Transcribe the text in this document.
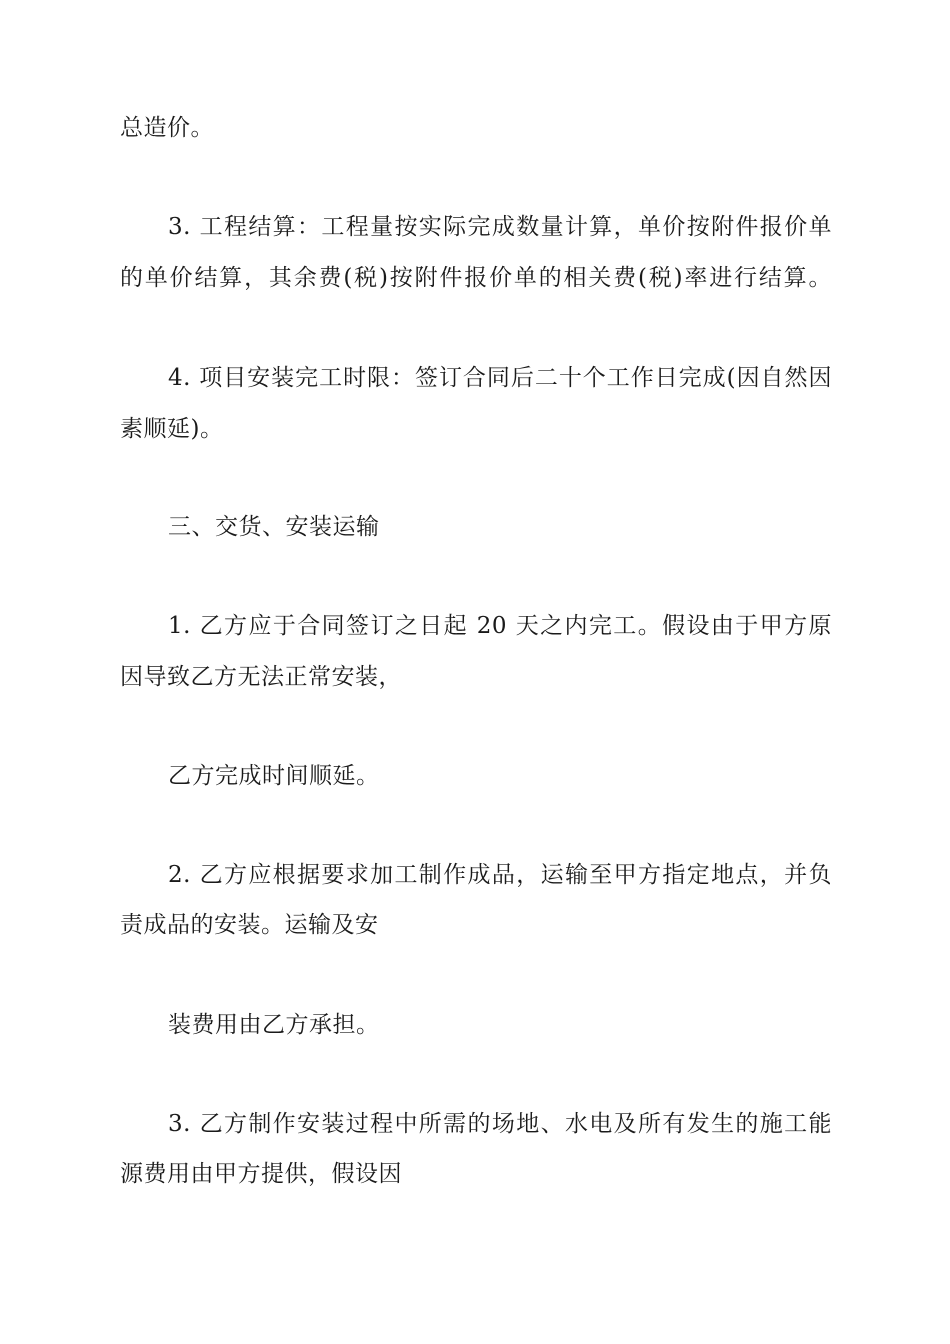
总造价。
3. 工程结算：工程量按实际完成数量计算，单价按附件报价单
的单价结算，其余费(税)按附件报价单的相关费(税)率进行结算。
4. 项目安装完工时限：签订合同后二十个工作日完成(因自然因
素顺延)。
三、交货、安装运输
1. 乙方应于合同签订之日起 20 天之内完工。假设由于甲方原
因导致乙方无法正常安装，
乙方完成时间顺延。
2. 乙方应根据要求加工制作成品，运输至甲方指定地点，并负
责成品的安装。运输及安
装费用由乙方承担。
3. 乙方制作安装过程中所需的场地、水电及所有发生的施工能
源费用由甲方提供，假设因
